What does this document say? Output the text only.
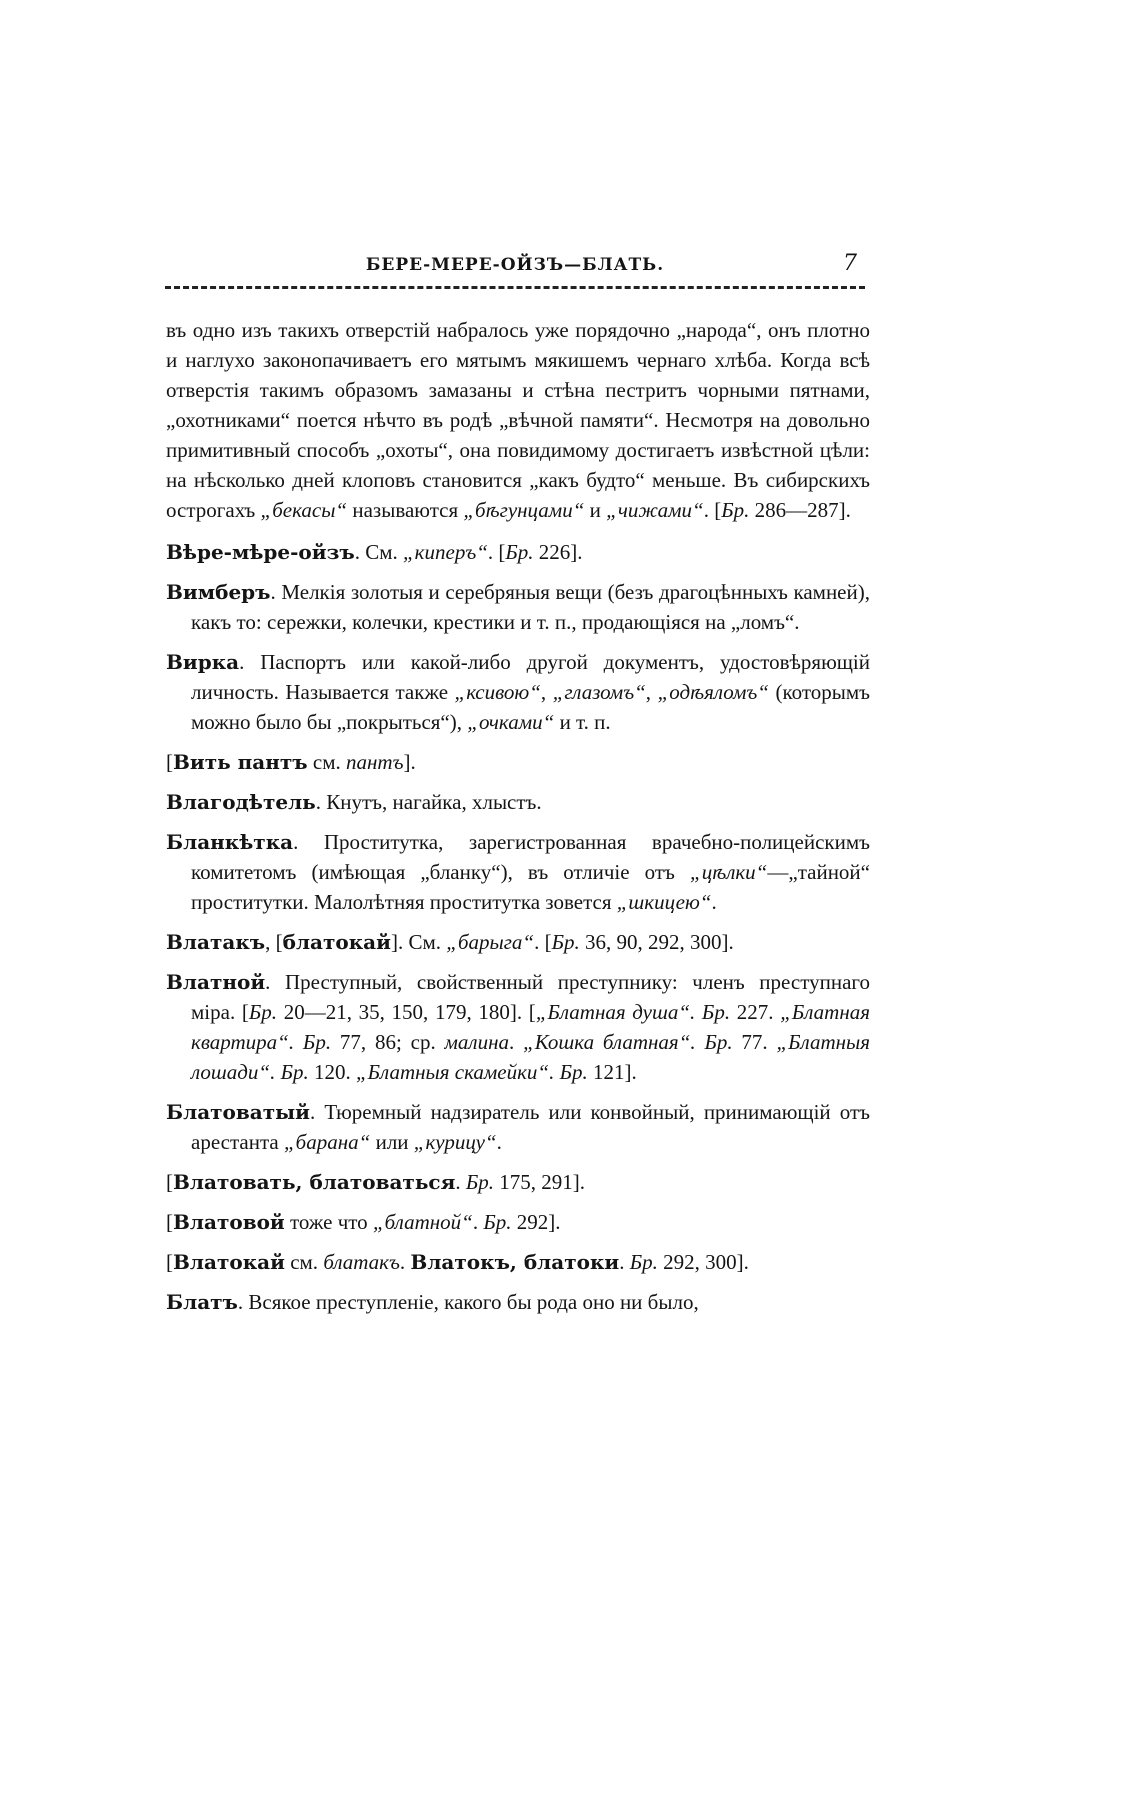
БЕРЕ-МЕРЕ-ОЙЗЪ—БЛАТЬ.	7

въ одно изъ такихъ отверстій набралось уже порядочно „народа“, онъ плотно и наглухо законопачиваетъ его мятымъ мякишемъ чернаго хлѣба. Когда всѣ отверстія такимъ образомъ замазаны и стѣна пестритъ чорными пятнами, „охотниками“ поется нѣчто въ родѣ „вѣчной памяти“. Несмотря на довольно примитивный способъ „охоты“, она повидимому достигаетъ извѣстной цѣли: на нѣсколько дней клоповъ становится „какъ будто“ меньше. Въ сибирскихъ острогахъ „бекасы“ называются „бѣгунцами“ и „чижами“. [Бр. 286—287].

Вѣре-мѣре-ойзъ. См. „киперъ“. [Бр. 226].

Вимберъ. Мелкія золотыя и серебряныя вещи (безъ драгоцѣнныхъ камней), какъ то: сережки, колечки, крестики и т. п., продающіяся на „ломъ“.

Вирка. Паспортъ или какой-либо другой документъ, удостовѣряющій личность. Называется также „ксивою“, „глазомъ“, „одѣяломъ“ (которымъ можно было бы „покрыться“), „очками“ и т. п.

[Вить пантъ см. пантъ].

Влагодѣтель. Кнутъ, нагайка, хлыстъ.

Бланкѣтка. Проститутка, зарегистрованная врачебно-полицейскимъ комитетомъ (имѣющая „бланку“), въ отличіе отъ „цѣлки“—„тайной“ проститутки. Малолѣтняя проститутка зовется „шкицею“.

Влатакъ, [блатокай]. См. „барыга“. [Бр. 36, 90, 292, 300].

Влатной. Преступный, свойственный преступнику: членъ преступнаго міра. [Бр. 20—21, 35, 150, 179, 180]. [„Блатная душа“. Бр. 227. „Блатная квартира“. Бр. 77, 86; ср. малина. „Кошка блатная“. Бр. 77. „Блатныя лошади“. Бр. 120. „Блатныя скамейки“. Бр. 121].

Блатоватый. Тюремный надзиратель или конвойный, принимающій отъ арестанта „барана“ или „курицу“.

[Влатовать, блатоваться. Бр. 175, 291].

[Влатовой тоже что „блатной“. Бр. 292].

[Влатокай см. блатакъ. Влатокъ, блатоки. Бр. 292, 300].

Блатъ. Всякое преступленіе, какого бы рода оно ни было,
